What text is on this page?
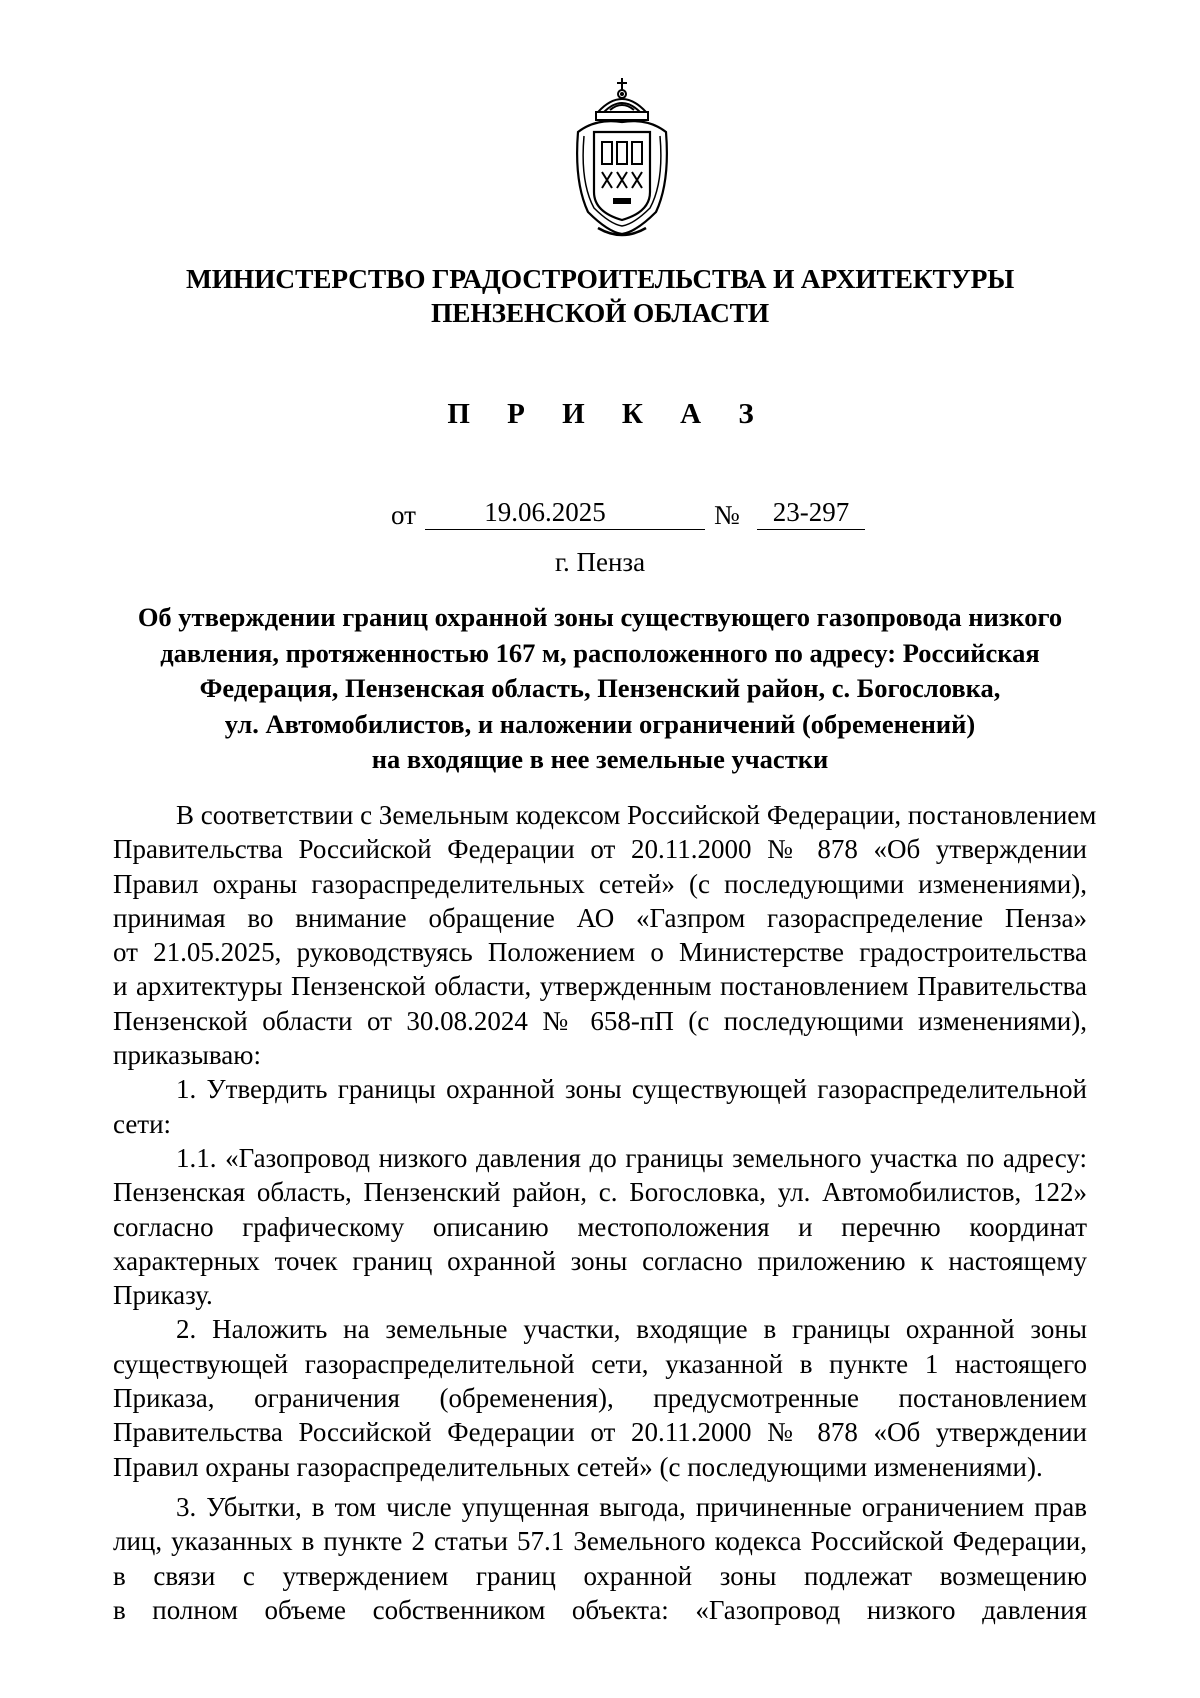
МИНИСТЕРСТВО ГРАДОСТРОИТЕЛЬСТВА И АРХИТЕКТУРЫ
ПЕНЗЕНСКОЙ ОБЛАСТИ
П Р И К А З
от	19.06.2025	№	23-297
г. Пенза
Об утверждении границ охранной зоны существующего газопровода низкого
давления, протяженностью 167 м, расположенного по адресу: Российская
Федерация, Пензенская область, Пензенский район, с. Богословка,
ул. Автомобилистов, и наложении ограничений (обременений)
на входящие в нее земельные участки
В соответствии с Земельным кодексом Российской Федерации, постановлением
Правительства Российской Федерации от 20.11.2000 № 878 «Об утверждении
Правил охраны газораспределительных сетей» (с последующими изменениями),
принимая во внимание обращение АО «Газпром газораспределение Пенза»
от 21.05.2025, руководствуясь Положением о Министерстве градостроительства
и архитектуры Пензенской области, утвержденным постановлением Правительства
Пензенской области от 30.08.2024 № 658-пП (с последующими изменениями),
приказываю:
1. Утвердить границы охранной зоны существующей газораспределительной
сети:
1.1. «Газопровод низкого давления до границы земельного участка по адресу:
Пензенская область, Пензенский район, с. Богословка, ул. Автомобилистов, 122»
согласно графическому описанию местоположения и перечню координат
характерных точек границ охранной зоны согласно приложению к настоящему
Приказу.
2. Наложить на земельные участки, входящие в границы охранной зоны
существующей газораспределительной сети, указанной в пункте 1 настоящего
Приказа, ограничения (обременения), предусмотренные постановлением
Правительства Российской Федерации от 20.11.2000 № 878 «Об утверждении
Правил охраны газораспределительных сетей» (с последующими изменениями).
3. Убытки, в том числе упущенная выгода, причиненные ограничением прав
лиц, указанных в пункте 2 статьи 57.1 Земельного кодекса Российской Федерации,
в связи с утверждением границ охранной зоны подлежат возмещению
в полном объеме собственником объекта: «Газопровод низкого давления
